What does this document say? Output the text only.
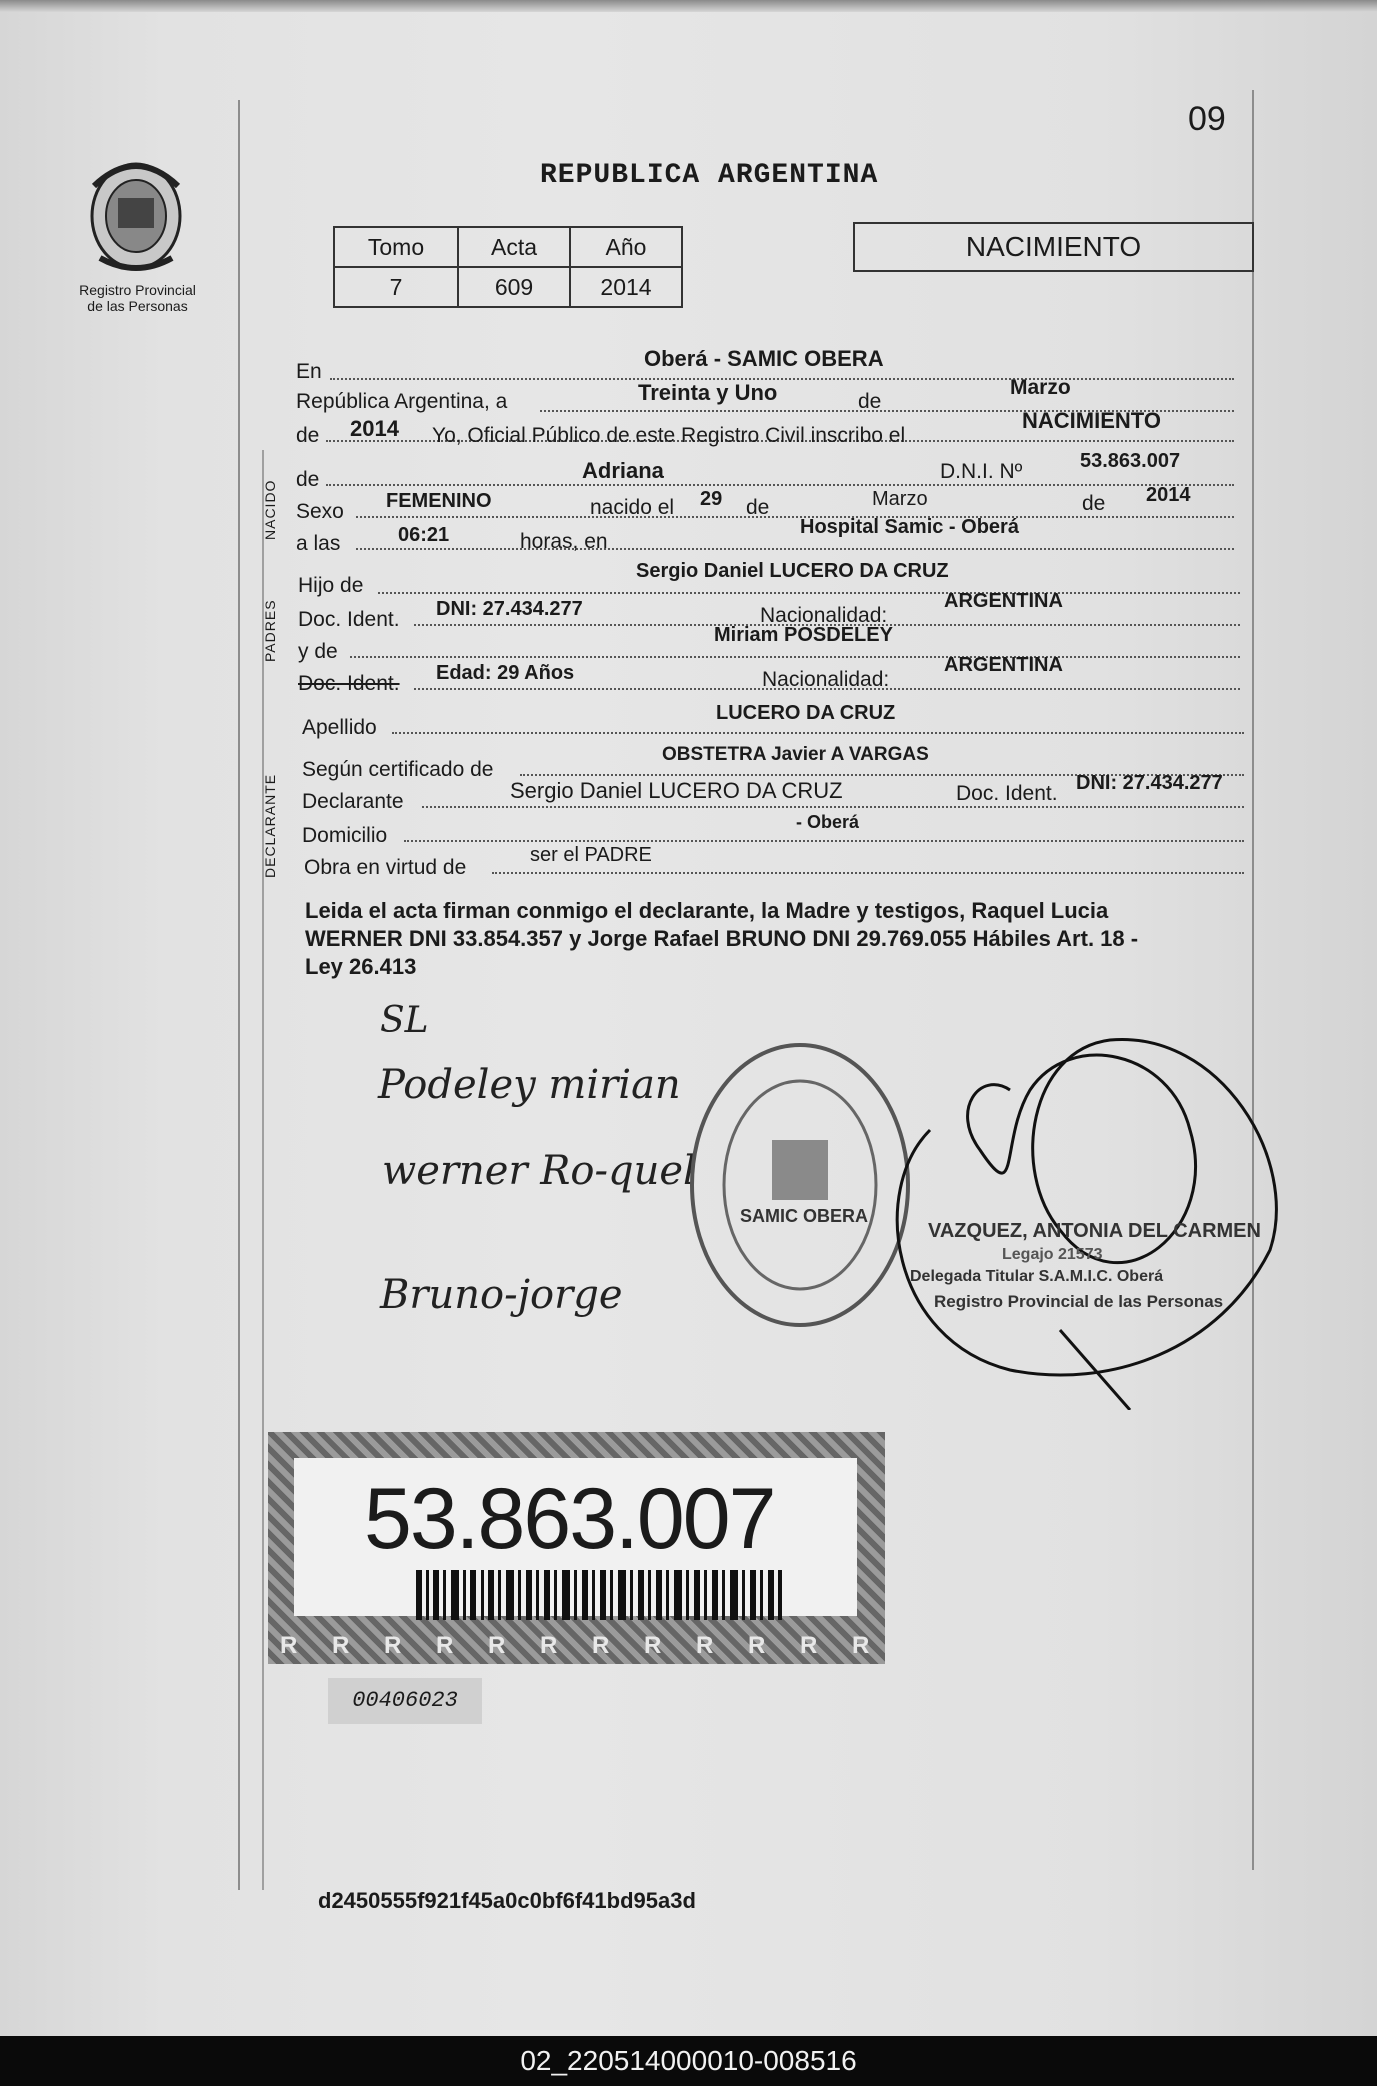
Registro Provincial
de las Personas
09
REPUBLICA ARGENTINA
Tomo	Acta	Año
7	609	2014
NACIMIENTO
NACIDO
PADRES
DECLARANTE
En
Oberá - SAMIC OBERA
República Argentina, a	Treinta y Uno	de
Marzo
de 2014 Yo, Oficial Público de este Registro Civil inscribo el
NACIMIENTO
de	Adriana	D.N.I. Nº	53.863.007
Sexo FEMENINO	nacido el 29 de	Marzo	de 2014
a las	06:21	horas, en
Hospital Samic - Oberá
Hijo de
Sergio Daniel LUCERO DA CRUZ
Doc. Ident. DNI: 27.434.277	Nacionalidad:
ARGENTINA
y de
Miriam POSDELEY
Doc. Ident. Edad: 29 Años	Nacionalidad:
ARGENTINA
Apellido
LUCERO DA CRUZ
Según certificado de
OBSTETRA Javier A VARGAS
Declarante	Sergio Daniel LUCERO DA CRUZ	Doc. Ident. DNI: 27.434.277
Domicilio
- Oberá
Obra en virtud de
ser el PADRE
Leida el acta firman conmigo el declarante, la Madre y testigos, Raquel Lucia
WERNER DNI 33.854.357 y Jorge Rafael BRUNO DNI 29.769.055 Hábiles Art. 18 -
Ley 26.413
SL
Podeley mirian
werner Ro-quel
Bruno-jorge
SAMIC OBERA
VAZQUEZ, ANTONIA DEL CARMEN
Legajo 21573
Delegada Titular S.A.M.I.C. Oberá
Registro Provincial de las Personas
53.863.007
R R R R R R R R R R R R
00406023
d2450555f921f45a0c0bf6f41bd95a3d
02_220514000010-008516
